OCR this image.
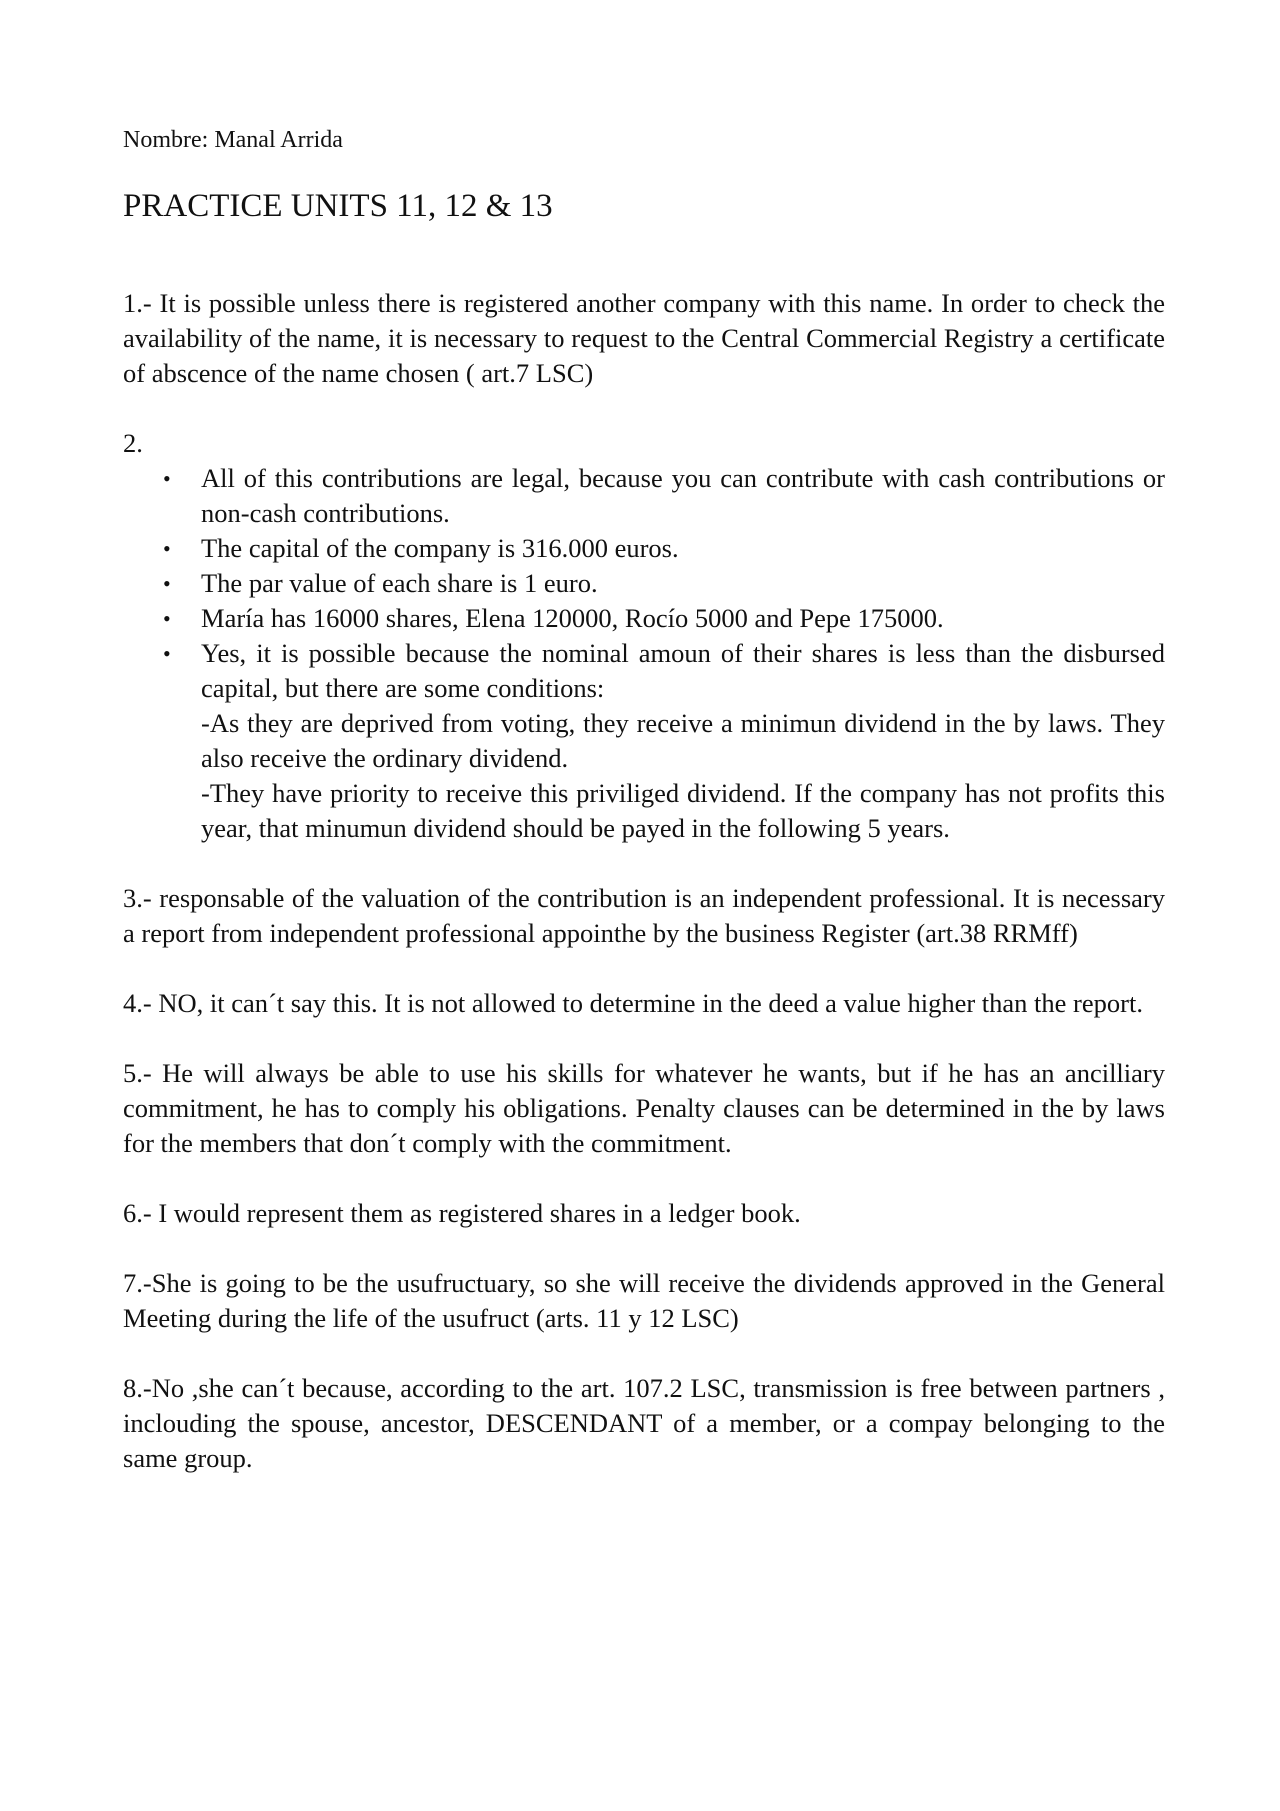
Nombre: Manal Arrida
PRACTICE UNITS 11, 12 & 13

1.- It is possible unless there is registered another company with this name. In order to check the availability of the name, it is necessary to request to the Central Commercial Registry a certificate of abscence of the name chosen ( art.7 LSC)

2.

• All of this contributions are legal, because you can contribute with cash contributions or non-cash contributions.
• The capital of the company is 316.000 euros.
• The par value of each share is 1 euro.
• María has 16000 shares, Elena 120000, Rocío 5000 and Pepe 175000.
• Yes, it is possible because the nominal amoun of their shares is less than the disbursed capital, but there are some conditions:
-As they are deprived from voting, they receive a minimun dividend in the by laws. They also receive the ordinary dividend.
-They have priority to receive this priviliged dividend. If the company has not profits this year, that minumun dividend should be payed in the following 5 years.

3.- responsable of the valuation of the contribution is an independent professional. It is necessary a report from independent professional appointhe by the business Register (art.38 RRMff)

4.- NO, it can´t say this. It is not allowed to determine in the deed a value higher than the report.

5.- He will always be able to use his skills for whatever he wants, but if he has an ancilliary commitment, he has to comply his obligations. Penalty clauses can be determined in the by laws for the members that don´t comply with the commitment.

6.- I would represent them as registered shares in a ledger book.

7.-She is going to be the usufructuary, so she will receive the dividends approved in the General Meeting during the life of the usufruct (arts. 11 y 12 LSC)

8.-No ,she can´t because, according to the art. 107.2 LSC, transmission is free between partners , inclouding the spouse, ancestor, DESCENDANT of a member, or a compay belonging to the same group.
